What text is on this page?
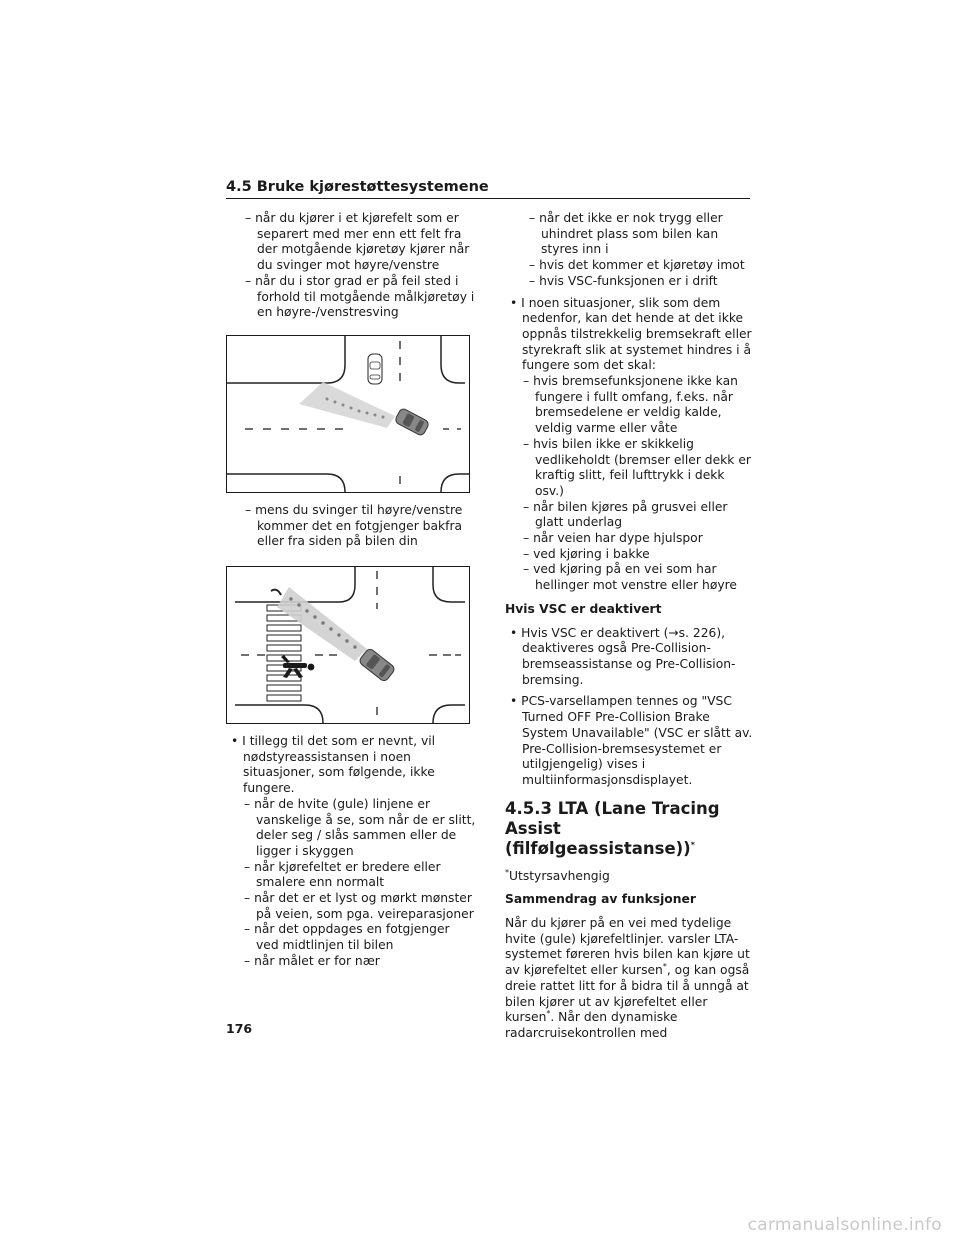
4.5 Bruke kjørestøttesystemene
– når du kjører i et kjørefelt som er separert med mer enn ett felt fra der motgående kjøretøy kjører når du svinger mot høyre/venstre
– når du i stor grad er på feil sted i forhold til motgående målkjøretøy i en høyre-/venstresving
– mens du svinger til høyre/venstre kommer det en fotgjenger bakfra eller fra siden på bilen din
• I tillegg til det som er nevnt, vil nødstyreassistansen i noen situasjoner, som følgende, ikke fungere.
– når de hvite (gule) linjene er vanskelige å se, som når de er slitt, deler seg / slås sammen eller de ligger i skyggen
– når kjørefeltet er bredere eller smalere enn normalt
– når det er et lyst og mørkt mønster på veien, som pga. veireparasjoner
– når det oppdages en fotgjenger ved midtlinjen til bilen
– når målet er for nær
– når det ikke er nok trygg eller uhindret plass som bilen kan styres inn i
– hvis det kommer et kjøretøy imot
– hvis VSC-funksjonen er i drift
• I noen situasjoner, slik som dem nedenfor, kan det hende at det ikke oppnås tilstrekkelig bremsekraft eller styrekraft slik at systemet hindres i å fungere som det skal:
– hvis bremsefunksjonene ikke kan fungere i fullt omfang, f.eks. når bremsedelene er veldig kalde, veldig varme eller våte
– hvis bilen ikke er skikkelig vedlikeholdt (bremser eller dekk er kraftig slitt, feil lufttrykk i dekk osv.)
– når bilen kjøres på grusvei eller glatt underlag
– når veien har dype hjulspor
– ved kjøring i bakke
– ved kjøring på en vei som har hellinger mot venstre eller høyre
Hvis VSC er deaktivert
• Hvis VSC er deaktivert (→s. 226), deaktiveres også Pre-Collision-bremseassistanse og Pre-Collision-bremsing.
• PCS-varsellampen tennes og "VSC Turned OFF Pre-Collision Brake System Unavailable" (VSC er slått av. Pre-Collision-bremsesystemet er utilgjengelig) vises i multiinformasjonsdisplayet.
4.5.3 LTA (Lane Tracing Assist
(filfølgeassistanse))*
*Utstyrsavhengig
Sammendrag av funksjoner
Når du kjører på en vei med tydelige hvite (gule) kjørefeltlinjer. varsler LTA-systemet føreren hvis bilen kan kjøre ut av kjørefeltet eller kursen*, og kan også dreie rattet litt for å bidra til å unngå at bilen kjører ut av kjørefeltet eller kursen*. Når den dynamiske radarcruisekontrollen med
176
carmanualsonline.info
